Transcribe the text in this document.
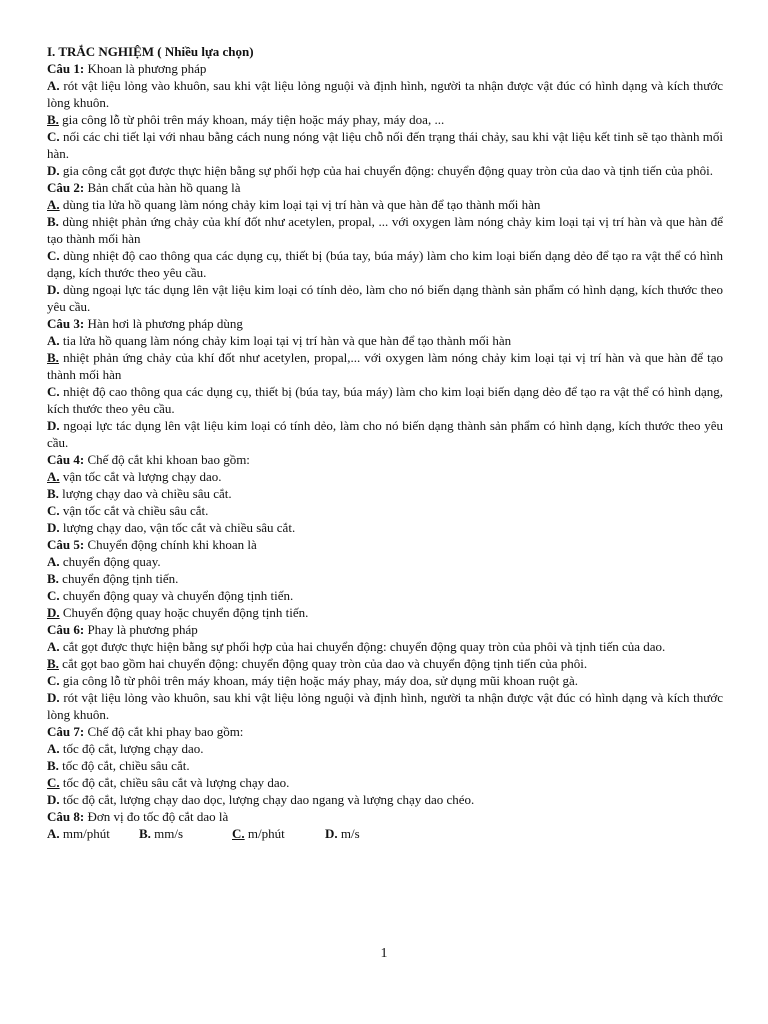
I. TRẮC NGHIỆM ( Nhiều lựa chọn)
Câu 1: Khoan là phương pháp
A. rót vật liệu lỏng vào khuôn, sau khi vật liệu lỏng nguội và định hình, người ta nhận được vật đúc có hình dạng và kích thước lòng khuôn.
B. gia công lỗ từ phôi trên máy khoan, máy tiện hoặc máy phay, máy doa, ...
C. nối các chi tiết lại với nhau bằng cách nung nóng vật liệu chỗ nối đến trạng thái chảy, sau khi vật liệu kết tinh sẽ tạo thành mối hàn.
D. gia công cắt gọt được thực hiện bằng sự phối hợp của hai chuyển động: chuyển động quay tròn của dao và tịnh tiến của phôi.
Câu 2: Bản chất của hàn hồ quang là
A. dùng tia lửa hồ quang làm nóng chảy kim loại tại vị trí hàn và que hàn để tạo thành mối hàn
B. dùng nhiệt phản ứng chảy của khí đốt như acetylen, propal, ... với oxygen làm nóng chảy kim loại tại vị trí hàn và que hàn để tạo thành mối hàn
C. dùng nhiệt độ cao thông qua các dụng cụ, thiết bị (búa tay, búa máy) làm cho kim loại biến dạng dẻo để tạo ra vật thể có hình dạng, kích thước theo yêu cầu.
D. dùng ngoại lực tác dụng lên vật liệu kim loại có tính dẻo, làm cho nó biến dạng thành sản phẩm có hình dạng, kích thước theo yêu cầu.
Câu 3: Hàn hơi là phương pháp dùng
A. tia lửa hồ quang làm nóng chảy kim loại tại vị trí hàn và que hàn để tạo thành mối hàn
B. nhiệt phản ứng chảy của khí đốt như acetylen, propal,... với oxygen làm nóng chảy kim loại tại vị trí hàn và que hàn để tạo thành mối hàn
C. nhiệt độ cao thông qua các dụng cụ, thiết bị (búa tay, búa máy) làm cho kim loại biến dạng dẻo để tạo ra vật thể có hình dạng, kích thước theo yêu cầu.
D. ngoại lực tác dụng lên vật liệu kim loại có tính dẻo, làm cho nó biến dạng thành sản phẩm có hình dạng, kích thước theo yêu cầu.
Câu 4: Chế độ cắt khi khoan bao gồm:
A. vận tốc cắt và lượng chạy dao.
B. lượng chạy dao và chiều sâu cắt.
C. vận tốc cắt và chiều sâu cắt.
D. lượng chạy dao, vận tốc cắt và chiều sâu cắt.
Câu 5: Chuyển động chính khi khoan là
A. chuyển động quay.
B. chuyển động tịnh tiến.
C. chuyển động quay và chuyển động tịnh tiến.
D. Chuyển động quay hoặc chuyển động tịnh tiến.
Câu 6: Phay là phương pháp
A. cắt gọt được thực hiện bằng sự phối hợp của hai chuyển động: chuyển động quay tròn của phôi và tịnh tiến của dao.
B. cắt gọt bao gồm hai chuyển động: chuyển động quay tròn của dao và chuyển động tịnh tiến của phôi.
C. gia công lỗ từ phôi trên máy khoan, máy tiện hoặc máy phay, máy doa, sử dụng mũi khoan ruột gà.
D. rót vật liệu lỏng vào khuôn, sau khi vật liệu lỏng nguội và định hình, người ta nhận được vật đúc có hình dạng và kích thước lòng khuôn.
Câu 7: Chế độ cắt khi phay bao gồm:
A. tốc độ cắt, lượng chạy dao.
B. tốc độ cắt, chiều sâu cắt.
C. tốc độ cắt, chiều sâu cắt và lượng chạy dao.
D. tốc độ cắt, lượng chạy dao dọc, lượng chạy dao ngang và lượng chạy dao chéo.
Câu 8: Đơn vị đo tốc độ cắt dao là
A. mm/phút	B. mm/s	C. m/phút	D. m/s
1
